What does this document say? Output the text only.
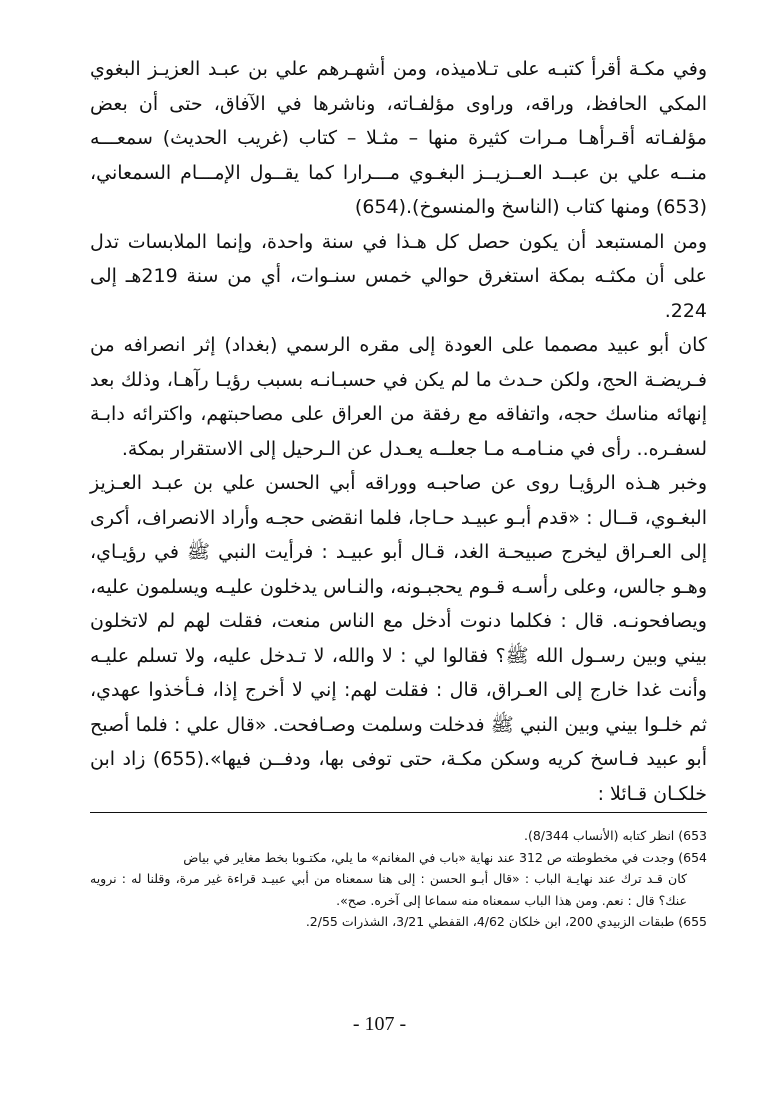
وفي مكـة أقرأ كتبـه على تـلاميذه، ومن أشهـرهم علي بن عبـد العزيـز البغوي المكي الحافظ، وراقه، وراوى مؤلفـاته، وناشرها في الآفاق، حتى أن بعض مؤلفـاته أقـرأهـا مـرات كثيرة منها – مثـلا – كتاب (غريب الحديث) سمعـــه منــه علي بن عبــد العــزيــز البغـوي مـــرارا كما يقــول الإمـــام السمعاني،(653) ومنها كتاب (الناسخ والمنسوخ).(654)

ومن المستبعد أن يكون حصل كل هـذا في سنة واحدة، وإنما الملابسات تدل على أن مكثـه بمكة استغرق حوالي خمس سنـوات، أي من سنة 219هـ إلى 224.

كان أبو عبيد مصمما على العودة إلى مقره الرسمي (بغداد) إثر انصرافه من فـريضـة الحج، ولكن حـدث ما لم يكن في حسبـانـه بسبب رؤيـا رآهـا، وذلك بعد إنهائه مناسك حجه، واتفاقه مع رفقة من العراق على مصاحبتهم، واكترائه دابـة لسفـره.. رأى في منـامـه مـا جعلــه يعـدل عن الـرحيل إلى الاستقرار بمكة.

وخبر هـذه الرؤيـا روى عن صاحبـه ووراقه أبي الحسن علي بن عبـد العـزيز البغـوي، قــال : «قدم أبـو عبيـد حـاجا، فلما انقضى حجـه وأراد الانصراف، أكرى إلى العـراق ليخرج صبيحـة الغد، قـال أبو عبيـد : فرأيت النبي ﷺ في رؤيـاي، وهـو جالس، وعلى رأسـه قـوم يحجبـونه، والنـاس يدخلون عليـه ويسلمون عليه، ويصافحونـه. قال : فكلما دنوت أدخل مع الناس منعت، فقلت لهم لم لاتخلون بيني وبين رسـول الله ﷺ؟ فقالوا لي : لا والله، لا تـدخل عليه، ولا تسلم عليـه وأنت غدا خارج إلى العـراق، قال : فقلت لهم: إني لا أخرج إذا، فـأخذوا عهدي، ثم خلـوا بيني وبين النبي ﷺ فدخلت وسلمت وصـافحت. «قال علي : فلما أصبح أبو عبيد فـاسخ كريه وسكن مكـة، حتى توفى بها، ودفــن فيها».(655) زاد ابن خلكـان قـائلا :

653) انظر كتابه (الأنساب 8/344).

654) وجدت في مخطوطته ص 312 عند نهاية «باب في المغانم» ما يلي، مكتـوبا بخط مغاير في بياض

كان قـد ترك عند نهايـة الباب : «قال أبـو الحسن : إلى هنا سمعناه من أبي عبيـد قراءة غير مرة، وقلنا له : نرويه عنك؟ قال : نعم. ومن هذا الباب سمعناه منه سماعا إلى آخره. صح».

655) طبقات الزبيدي 200، ابن خلكان 4/62، القفطي 3/21، الشذرات 2/55.

- 107 -
